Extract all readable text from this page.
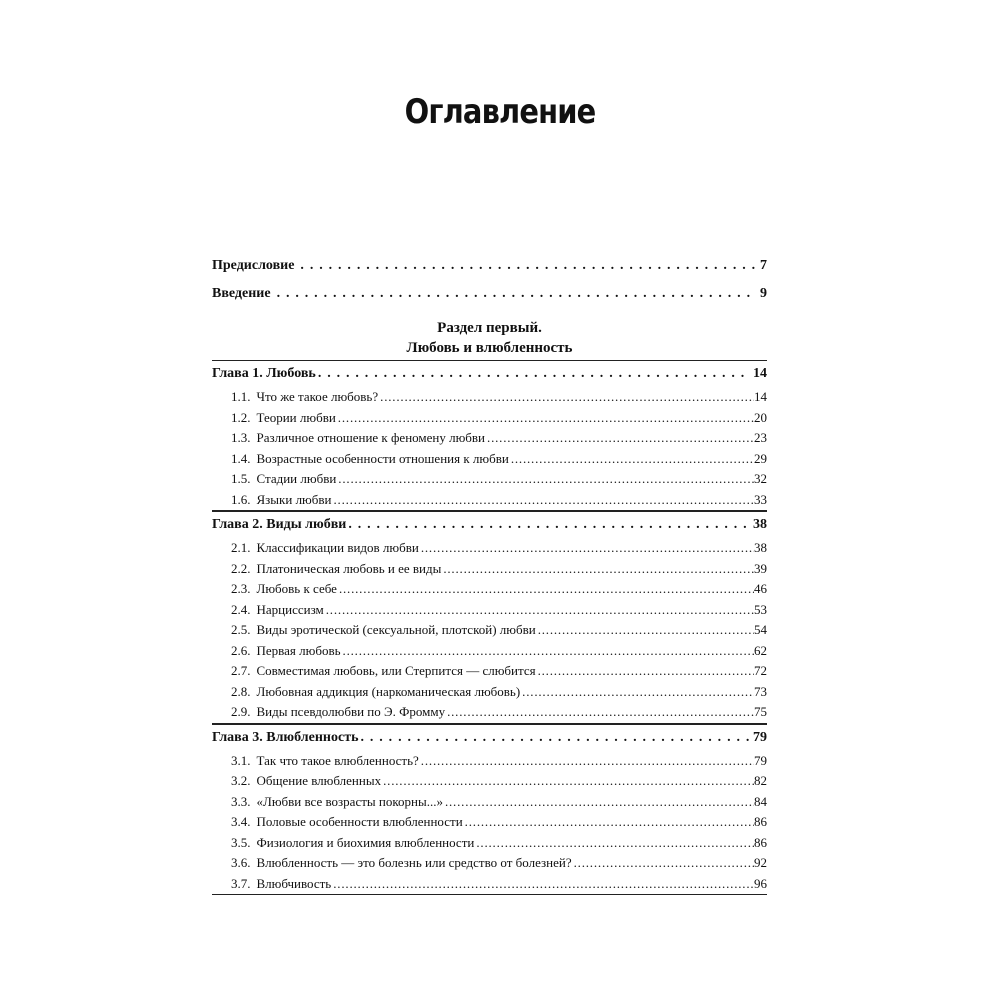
Оглавление
Предисловие . . .	7
Введение . . .	9
Раздел первый.
Любовь и влюбленность
Глава 1. Любовь . . .	14
1.1. Что же такое любовь? .....	14
1.2. Теории любви .....	20
1.3. Различное отношение к феномену любви .....	23
1.4. Возрастные особенности отношения к любви .....	29
1.5. Стадии любви .....	32
1.6. Языки любви .....	33
Глава 2. Виды любви . . .	38
2.1. Классификации видов любви .....	38
2.2. Платоническая любовь и ее виды .....	39
2.3. Любовь к себе .....	46
2.4. Нарциссизм .....	53
2.5. Виды эротической (сексуальной, плотской) любви .....	54
2.6. Первая любовь .....	62
2.7. Совместимая любовь, или Стерпится — слюбится .....	72
2.8. Любовная аддикция (наркоманическая любовь) .....	73
2.9. Виды псевдолюбви по Э. Фромму .....	75
Глава 3. Влюбленность . . .	79
3.1. Так что такое влюбленность? .....	79
3.2. Общение влюбленных .....	82
3.3. «Любви все возрасты покорны...» .....	84
3.4. Половые особенности влюбленности .....	86
3.5. Физиология и биохимия влюбленности .....	86
3.6. Влюбленность — это болезнь или средство от болезней? .....	92
3.7. Влюбчивость .....	96
